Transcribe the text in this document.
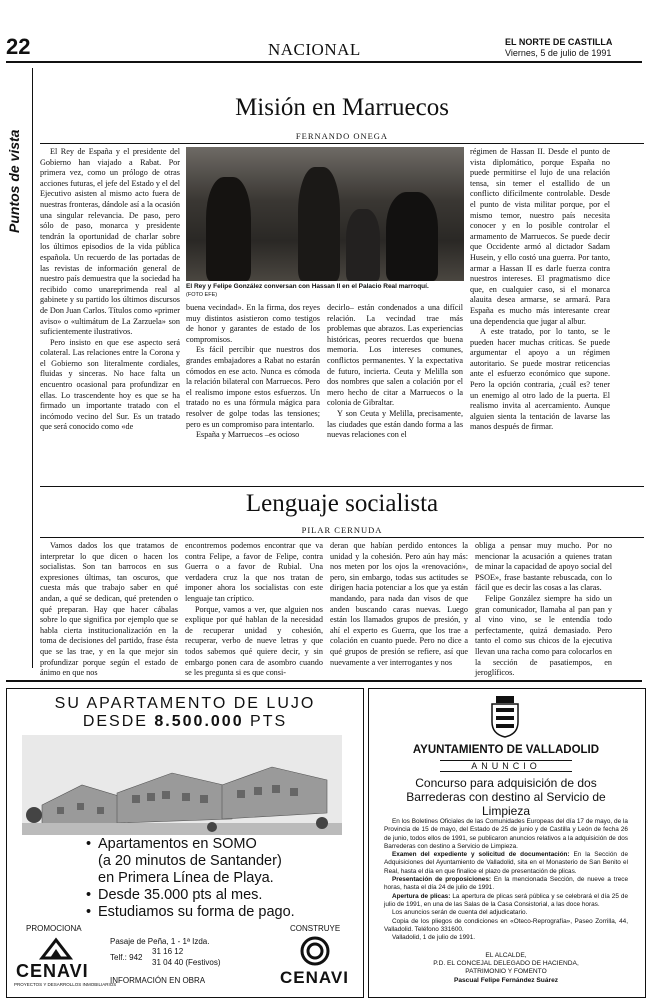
22	NACIONAL	EL NORTE DE CASTILLA
Viernes, 5 de julio de 1991
Puntos de vista
Misión en Marruecos
FERNANDO ONEGA

El Rey de España y el presidente del Gobierno han viajado a Rabat. Por primera vez, como un prólogo de otras acciones futuras, el jefe del Estado y el del Ejecutivo asisten al mismo acto fuera de nuestras fronteras, dándole así a la ocasión una singular relevancia. De paso, pero sólo de paso, monarca y presidente tendrán la oportunidad de charlar sobre los últimos episodios de la vida pública española. Un recuerdo de las portadas de las revistas de información general de nuestro país demuestra que la sociedad ha recibido como unareprimenda real al gabinete y su partido los últimos discursos de Don Juan Carlos. Títulos como «primer aviso» o «ultimátum de La Zarzuela» son suficientemente ilustrativos.

Pero insisto en que ese aspecto será colateral. Las relaciones entre la Corona y el Gobierno son literalmente cordiales, fluidas y sinceras. No hace falta un encuentro ocasional para profundizar en ellas. Lo trascendente hoy es que se ha firmado un importante tratado con el incómodo vecino del Sur. Es un tratado que será conocido como «de

El Rey y Felipe González conversan con Hassan II en el Palacio Real marroquí.
(FOTO EFE)

buena vecindad». En la firma, dos reyes muy distintos asistieron como testigos de honor y garantes de estado de los compromisos.

Es fácil percibir que nuestros dos grandes embajadores a Rabat no estarán cómodos en ese acto. Nunca es cómoda la relación bilateral con Marruecos. Pero el realismo impone estos esfuerzos. Un tratado no es una fórmula mágica para resolver de golpe todas las tensiones; pero es un compromiso para intentarlo.

España y Marruecos –es ocioso

decirlo– están condenados a una difícil relación. La vecindad trae más problemas que abrazos. Las experiencias históricas, peores recuerdos que buena memoria. Los intereses comunes, conflictos permanentes. Y la expectativa de futuro, incierta. Ceuta y Melilla son dos nombres que salen a colación por el mero hecho de citar a Marruecos o la colonia de Gibraltar.

Y son Ceuta y Melilla, precisamente, las ciudades que están dando forma a las nuevas relaciones con el

régimen de Hassan II. Desde el punto de vista diplomático, porque España no puede permitirse el lujo de una relación tensa, sin temer el estallido de un conflicto difícilmente controlable. Desde el punto de vista militar porque, por el mismo temor, nuestro país necesita conocer y en lo posible controlar el armamento de Marruecos. Se puede decir que Occidente armó al dictador Sadam Husein, y ello costó una guerra. Por tanto, armar a Hassan II es darle fuerza contra nuestros intereses. El pragmatismo dice que, en cualquier caso, si el monarca alauita desea armarse, se armará. Para España es mucho más interesante crear una dependencia que jugar al albur.

A este tratado, por lo tanto, se le pueden hacer muchas críticas. Se puede argumentar el apoyo a un régimen autoritario. Se puede mostrar reticencias ante el esfuerzo económico que supone. Pero la opción contraria, ¿cuál es? tener un enemigo al otro lado de la puerta. El realismo invita al acercamiento. Aunque alguien sienta la tentación de lavarse las manos después de firmar.

Lenguaje socialista
PILAR CERNUDA

Vamos dados los que tratamos de interpretar lo que dicen o hacen los socialistas. Son tan barrocos en sus expresiones últimas, tan oscuros, que cuesta más que trabajo saber en qué andan, a qué se dedican, qué pretenden o qué preparan. Hay que hacer cábalas sobre lo que significa por ejemplo que se habla cierta institucionalización en la toma de decisiones del partido, frase ésta que se las trae, y en la que mejor sin profundizar porque según el estado de ánimo en que nos

encontremos podemos encontrar que va contra Felipe, a favor de Felipe, contra Guerra o a favor de Rubial. Una verdadera cruz la que nos tratan de imponer ahora los socialistas con este lenguaje tan críptico.

Porque, vamos a ver, que alguien nos explique por qué hablan de la necesidad de recuperar unidad y cohesión, recuperar, verbo de nueve letras y que todos sabemos qué quiere decir, y sin embargo ponen cara de asombro cuando se les pregunta si es que consi-

deran que habían perdido entonces la unidad y la cohesión. Pero aún hay más: nos meten por los ojos la «renovación», pero, sin embargo, todas sus actitudes se dirigen hacia potenciar a los que ya están mandando, para nada dan visos de que anden buscando caras nuevas. Luego están los llamados grupos de presión, y ahí el experto es Guerra, que los trae a colación en cuanto puede. Pero no dice a qué grupos de presión se refiere, así que nuevamente a ver interrogantes y nos

obliga a pensar muy mucho. Por no mencionar la acusación a quienes tratan de minar la capacidad de apoyo social del PSOE», frase bastante rebuscada, con lo fácil que es decir las cosas a las claras.

Felipe González siempre ha sido un gran comunicador, llamaba al pan pan y al vino vino, se le entendía todo perfectamente, quizá demasiado. Pero tanto el como sus chicos de la ejecutiva llevan una racha como para colocarlos en la sección de pasatiempos, en jeroglíficos.

SU APARTAMENTO DE LUJO
DESDE 8.500.000 PTS
• Apartamentos en SOMO
(a 20 minutos de Santander)
en Primera Línea de Playa.
• Desde 35.000 pts al mes.
• Estudiamos su forma de pago.
PROMOCIONA
CENAVI
PROYECTOS Y DESARROLLOS INMOBILIARIOS
Pasaje de Peña, 1 - 1ª Izda.
Telf.: 942
31 16 12
31 04 40 (Festivos)
INFORMACIÓN EN OBRA
CONSTRUYE
CENAVI
AYUNTAMIENTO DE VALLADOLID
ANUNCIO
Concurso para adquisición de dos Barrederas con destino al Servicio de Limpieza
En los Boletines Oficiales de las Comunidades Europeas del día 17 de mayo, de la Provincia de 15 de mayo, del Estado de 25 de junio y de Castilla y León de fecha 26 de junio, todos ellos de 1991, se publicaron anuncios relativos a la adquisición de dos Barrederas con destino a Servicio de Limpieza.
Examen del expediente y solicitud de documentación: En la Sección de Adquisiciones del Ayuntamiento de Valladolid, sita en el Monasterio de San Benito el Real, hasta el día en que finalice el plazo de presentación de plicas.
Presentación de proposiciones: En la mencionada Sección, de nueve a trece horas, hasta el día 24 de julio de 1991.
Apertura de plicas: La apertura de plicas será pública y se celebrará el día 25 de julio de 1991, en una de las Salas de la Casa Consistorial, a las doce horas.
Los anuncios serán de cuenta del adjudicatario.
Copia de los pliegos de condiciones en «Oteco-Reprografía», Paseo Zorrilla, 44, Valladolid. Teléfono 331600.
Valladolid, 1 de julio de 1991.
EL ALCALDE,
P.D. EL CONCEJAL DELEGADO DE HACIENDA,
PATRIMONIO Y FOMENTO
Pascual Felipe Fernández Suárez
